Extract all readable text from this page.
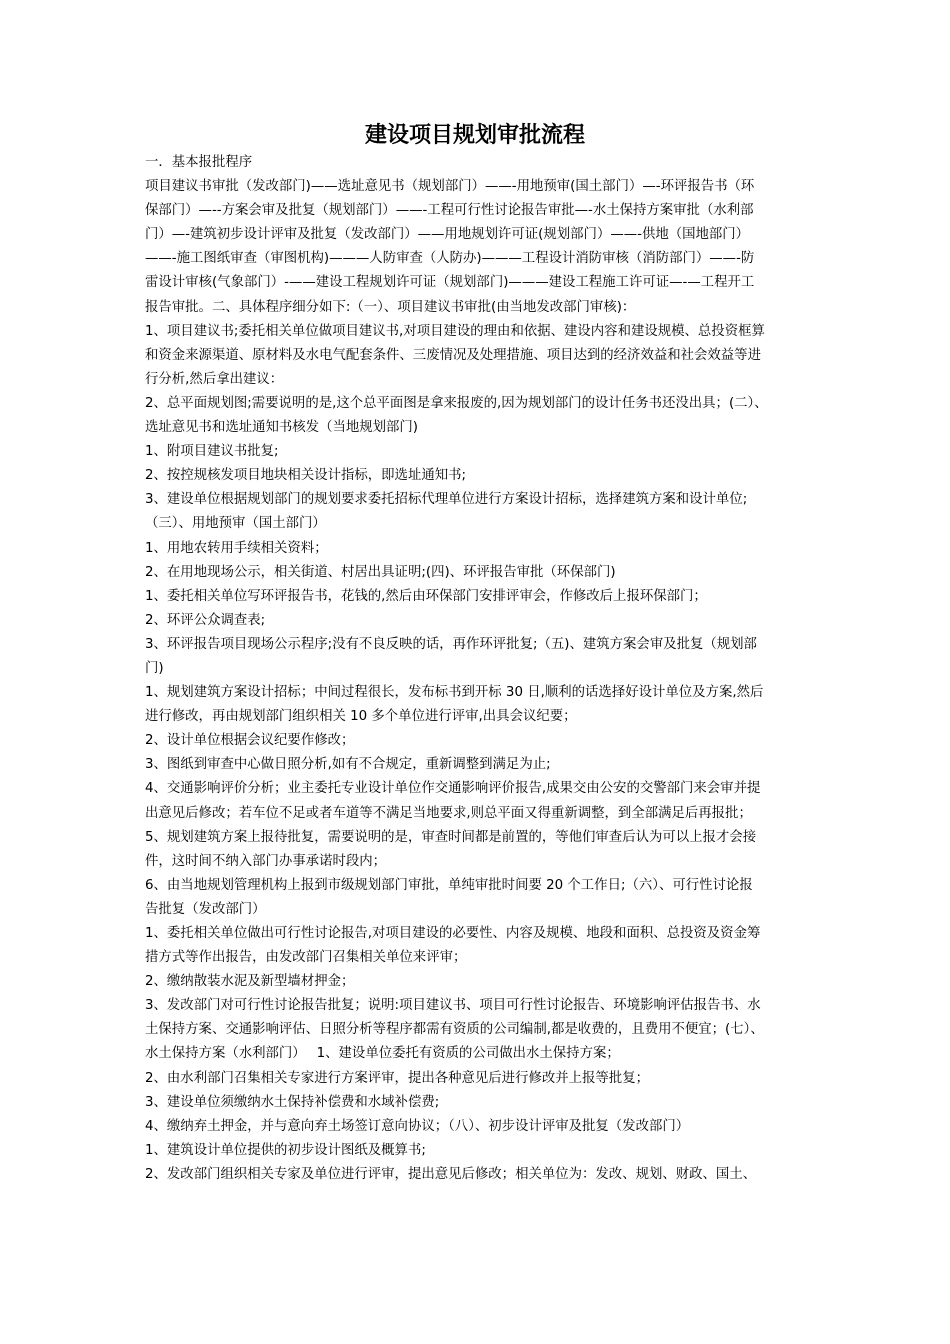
建设项目规划审批流程
一．基本报批程序
项目建议书审批（发改部门)——选址意见书（规划部门）——-用地预审(国土部门）—-环评报告书（环
保部门）—--方案会审及批复（规划部门）——-工程可行性讨论报告审批—-水土保持方案审批（水利部
门）—-建筑初步设计评审及批复（发改部门）——用地规划许可证(规划部门）——-供地（国地部门）
——-施工图纸审查（审图机构)———人防审查（人防办)———工程设计消防审核（消防部门）——-防
雷设计审核(气象部门）-——建设工程规划许可证（规划部门)———建设工程施工许可证—-—工程开工
报告审批。二、具体程序细分如下:（一）、项目建议书审批(由当地发改部门审核)：
1、项目建议书;委托相关单位做项目建议书,对项目建设的理由和依据、建设内容和建设规模、总投资框算
和资金来源渠道、原材料及水电气配套条件、三废情况及处理措施、项目达到的经济效益和社会效益等进
行分析,然后拿出建议：
2、总平面规划图;需要说明的是,这个总平面图是拿来报废的,因为规划部门的设计任务书还没出具；(二）、
选址意见书和选址通知书核发（当地规划部门)
1、附项目建议书批复;
2、按控规核发项目地块相关设计指标，即选址通知书;
3、建设单位根据规划部门的规划要求委托招标代理单位进行方案设计招标，选择建筑方案和设计单位;
（三）、用地预审（国土部门）
1、用地农转用手续相关资料；
2、在用地现场公示，相关街道、村居出具证明;(四)、环评报告审批（环保部门)
1、委托相关单位写环评报告书，花钱的,然后由环保部门安排评审会，作修改后上报环保部门；
2、环评公众调查表;
3、环评报告项目现场公示程序;没有不良反映的话，再作环评批复;（五)、建筑方案会审及批复（规划部
门)
1、规划建筑方案设计招标；中间过程很长，发布标书到开标 30 日,顺利的话选择好设计单位及方案,然后
进行修改，再由规划部门组织相关 10 多个单位进行评审,出具会议纪要；
2、设计单位根据会议纪要作修改；
3、图纸到审查中心做日照分析,如有不合规定，重新调整到满足为止;
4、交通影响评价分析；业主委托专业设计单位作交通影响评价报告,成果交由公安的交警部门来会审并提
出意见后修改；若车位不足或者车道等不满足当地要求,则总平面又得重新调整，到全部满足后再报批；
5、规划建筑方案上报待批复，需要说明的是，审查时间都是前置的，等他们审查后认为可以上报才会接
件，这时间不纳入部门办事承诺时段内；
6、由当地规划管理机构上报到市级规划部门审批，单纯审批时间要 20 个工作日;（六）、可行性讨论报
告批复（发改部门）
1、委托相关单位做出可行性讨论报告,对项目建设的必要性、内容及规模、地段和面积、总投资及资金筹
措方式等作出报告，由发改部门召集相关单位来评审；
2、缴纳散装水泥及新型墙材押金；
3、发改部门对可行性讨论报告批复；说明:项目建议书、项目可行性讨论报告、环境影响评估报告书、水
土保持方案、交通影响评估、日照分析等程序都需有资质的公司编制,都是收费的，且费用不便宜；(七）、
水土保持方案（水利部门）　 1、建设单位委托有资质的公司做出水土保持方案；
2、由水利部门召集相关专家进行方案评审，提出各种意见后进行修改并上报等批复；
3、建设单位须缴纳水土保持补偿费和水域补偿费;
4、缴纳弃土押金，并与意向弃土场签订意向协议；（八）、初步设计评审及批复（发改部门）
1、建筑设计单位提供的初步设计图纸及概算书;
2、发改部门组织相关专家及单位进行评审，提出意见后修改；相关单位为：发改、规划、财政、国土、
